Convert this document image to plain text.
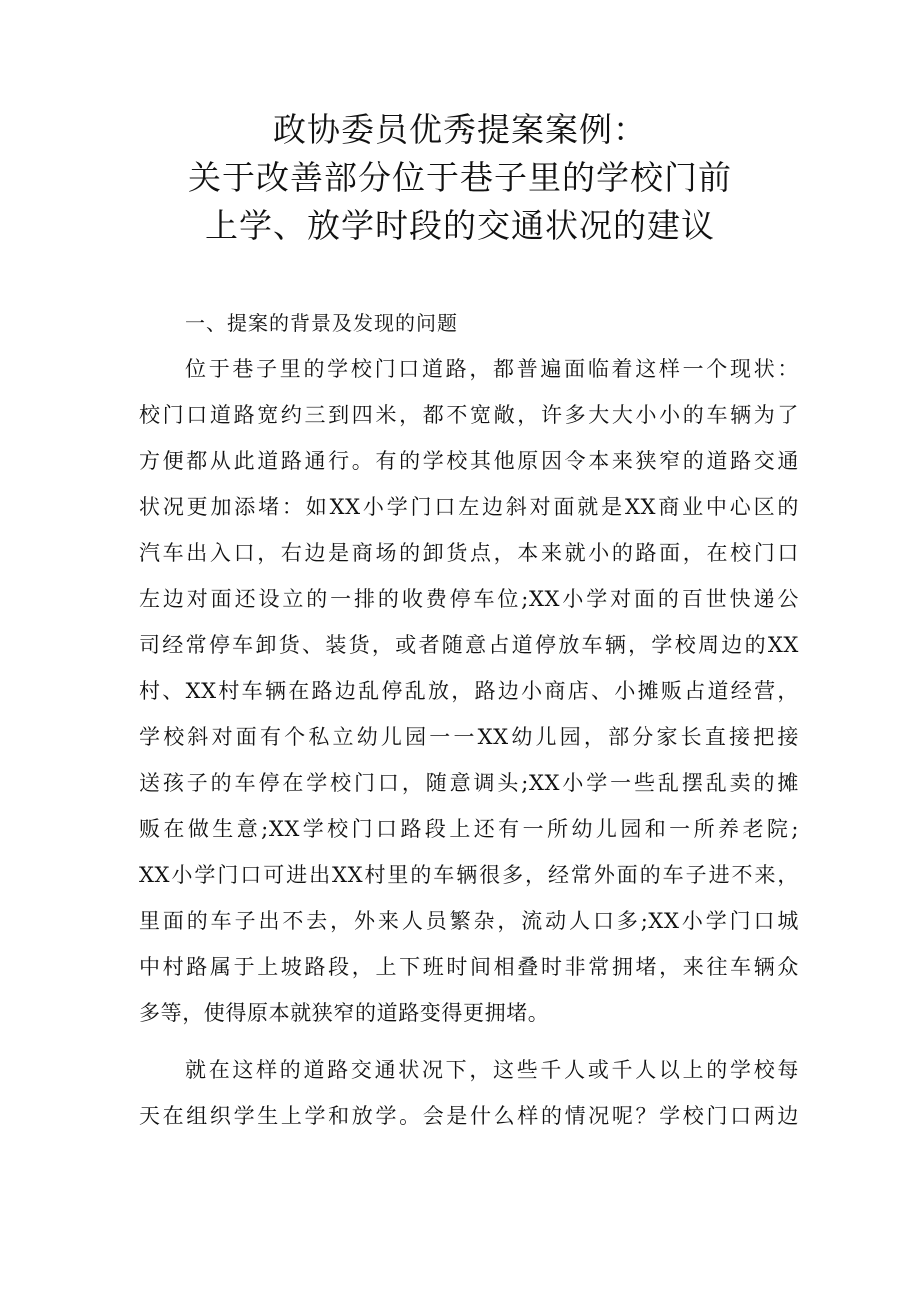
政协委员优秀提案案例：
关于改善部分位于巷子里的学校门前
上学、放学时段的交通状况的建议
一、提案的背景及发现的问题
位于巷子里的学校门口道路，都普遍面临着这样一个现状：
校门口道路宽约三到四米，都不宽敞，许多大大小小的车辆为了
方便都从此道路通行。有的学校其他原因令本来狭窄的道路交通
状况更加添堵：如XX小学门口左边斜对面就是XX商业中心区的
汽车出入口，右边是商场的卸货点，本来就小的路面，在校门口
左边对面还设立的一排的收费停车位;XX小学对面的百世快递公
司经常停车卸货、装货，或者随意占道停放车辆，学校周边的XX
村、XX村车辆在路边乱停乱放，路边小商店、小摊贩占道经营，
学校斜对面有个私立幼儿园一一XX幼儿园，部分家长直接把接
送孩子的车停在学校门口，随意调头;XX小学一些乱摆乱卖的摊
贩在做生意;XX学校门口路段上还有一所幼儿园和一所养老院;
XX小学门口可进出XX村里的车辆很多，经常外面的车子进不来，
里面的车子出不去，外来人员繁杂，流动人口多;XX小学门口城
中村路属于上坡路段，上下班时间相叠时非常拥堵，来往车辆众
多等，使得原本就狭窄的道路变得更拥堵。
就在这样的道路交通状况下，这些千人或千人以上的学校每
天在组织学生上学和放学。会是什么样的情况呢？学校门口两边
